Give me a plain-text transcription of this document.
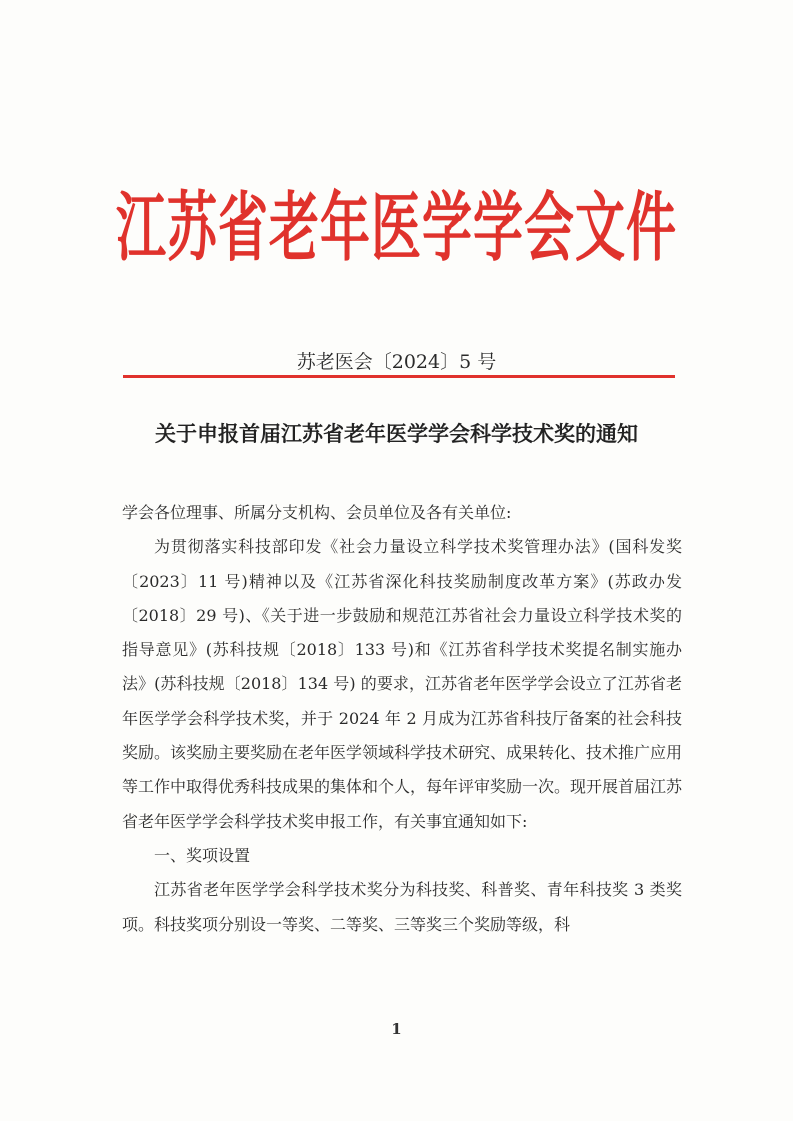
江苏省老年医学学会文件
苏老医会〔2024〕5 号
关于申报首届江苏省老年医学学会科学技术奖的通知

学会各位理事、所属分支机构、会员单位及各有关单位:

为贯彻落实科技部印发《社会力量设立科学技术奖管理办法》(国科发奖〔2023〕11 号)精神以及《江苏省深化科技奖励制度改革方案》(苏政办发〔2018〕29 号)、《关于进一步鼓励和规范江苏省社会力量设立科学技术奖的指导意见》(苏科技规〔2018〕133 号)和《江苏省科学技术奖提名制实施办法》(苏科技规〔2018〕134 号) 的要求，江苏省老年医学学会设立了江苏省老年医学学会科学技术奖，并于 2024 年 2 月成为江苏省科技厅备案的社会科技奖励。该奖励主要奖励在老年医学领域科学技术研究、成果转化、技术推广应用等工作中取得优秀科技成果的集体和个人，每年评审奖励一次。现开展首届江苏省老年医学学会科学技术奖申报工作，有关事宜通知如下:

一、奖项设置

江苏省老年医学学会科学技术奖分为科技奖、科普奖、青年科技奖 3 类奖项。科技奖项分别设一等奖、二等奖、三等奖三个奖励等级，科

1
